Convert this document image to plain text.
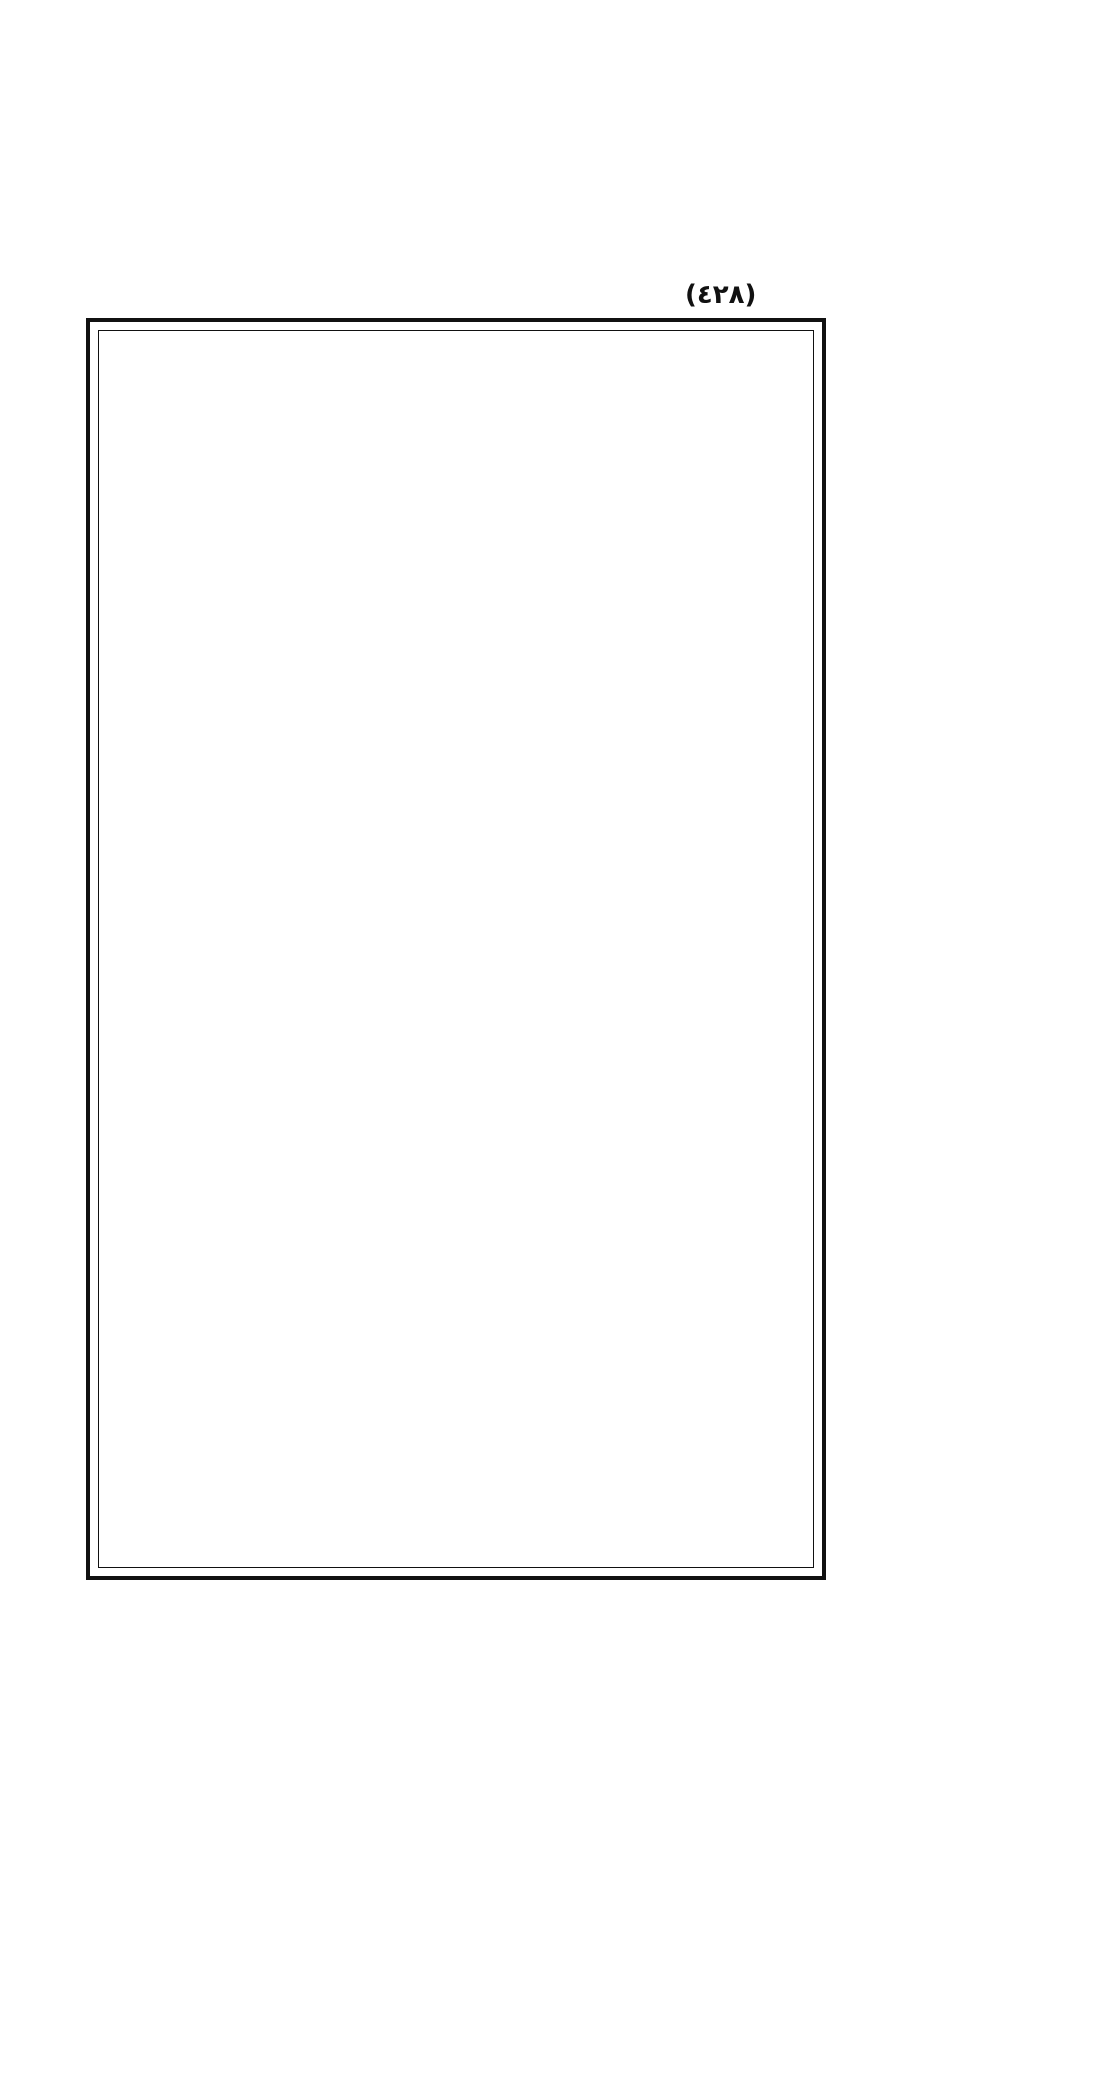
(٤٢٨)
